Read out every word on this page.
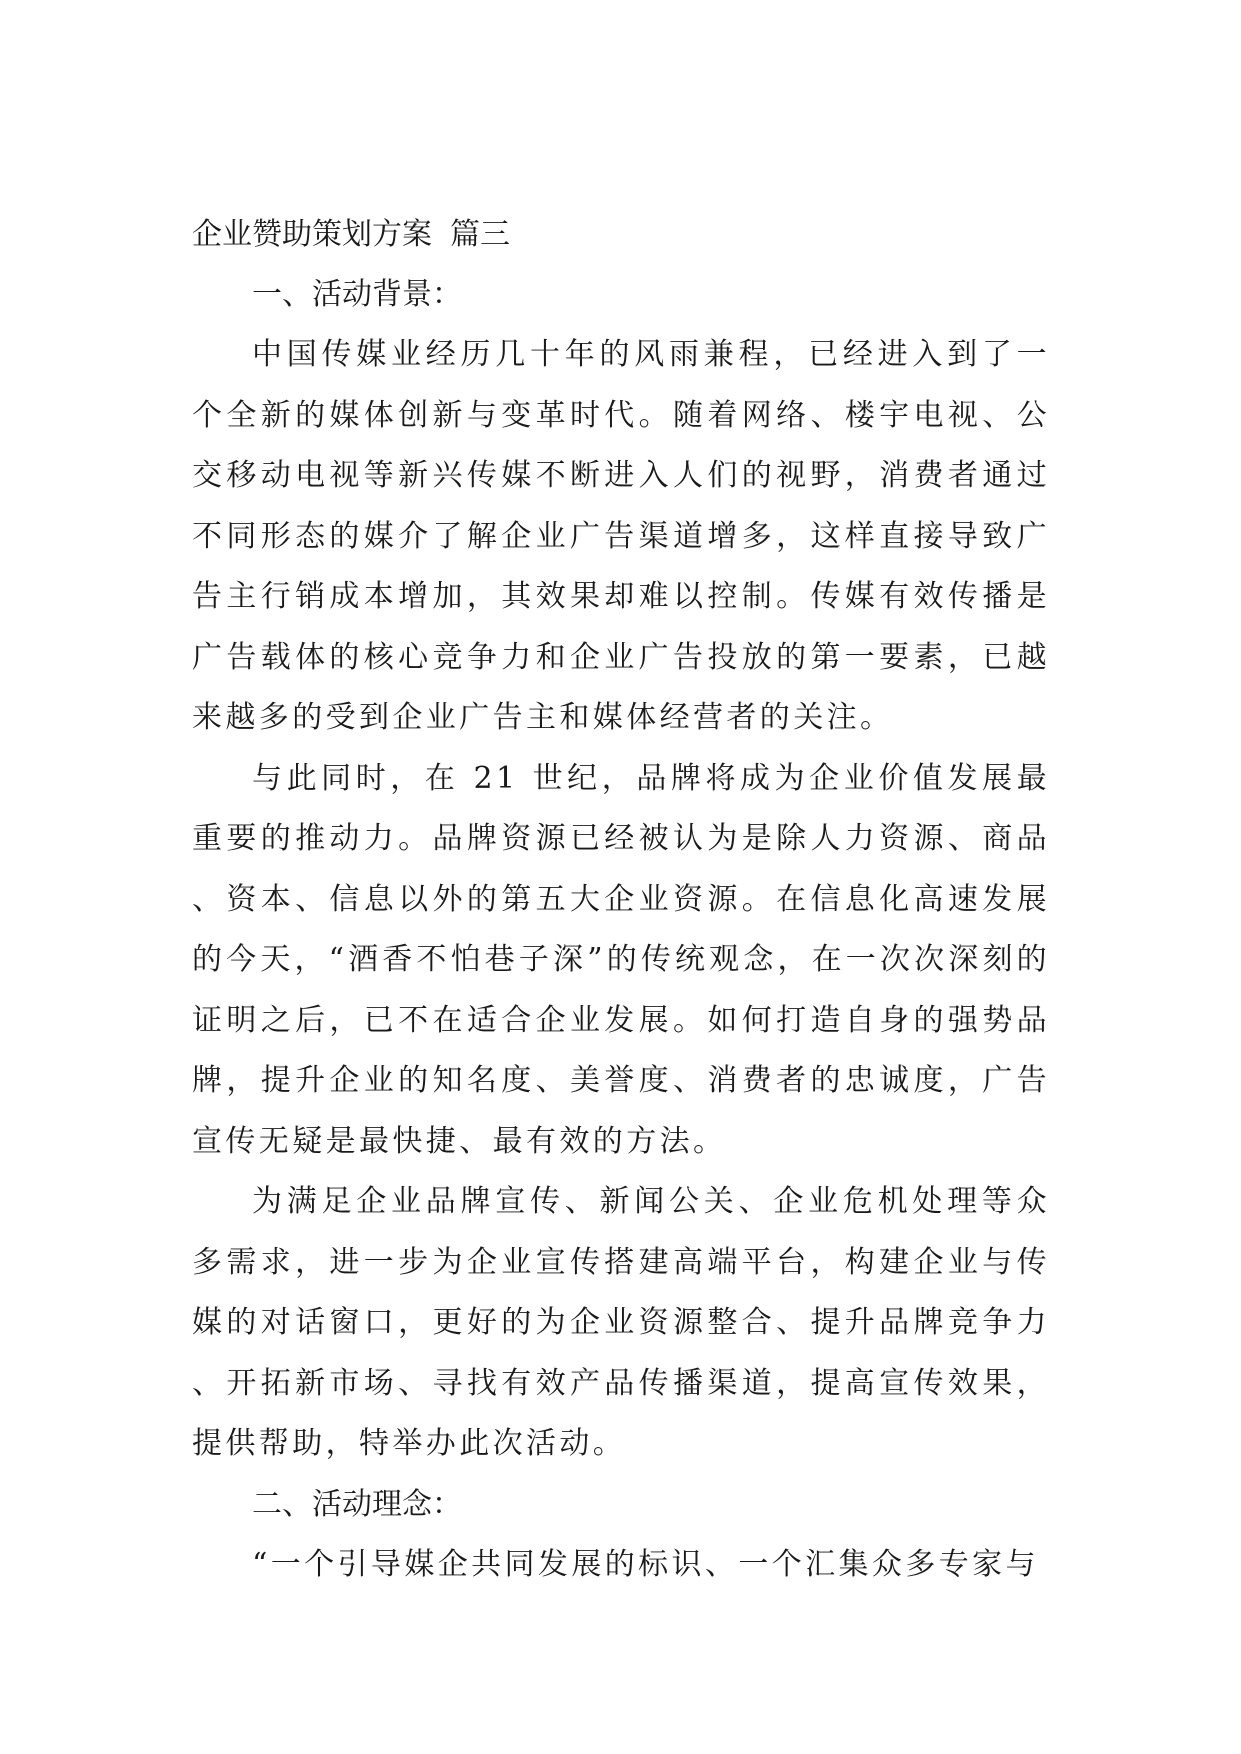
企业赞助策划方案 篇三

一、活动背景：

中国传媒业经历几十年的风雨兼程，已经进入到了一个全新的媒体创新与变革时代。随着网络、楼宇电视、公交移动电视等新兴传媒不断进入人们的视野，消费者通过不同形态的媒介了解企业广告渠道增多，这样直接导致广告主行销成本增加，其效果却难以控制。传媒有效传播是广告载体的核心竞争力和企业广告投放的第一要素，已越来越多的受到企业广告主和媒体经营者的关注。

与此同时，在 21 世纪，品牌将成为企业价值发展最重要的推动力。品牌资源已经被认为是除人力资源、商品、资本、信息以外的第五大企业资源。在信息化高速发展的今天，“酒香不怕巷子深”的传统观念，在一次次深刻的证明之后，已不在适合企业发展。如何打造自身的强势品牌，提升企业的知名度、美誉度、消费者的忠诚度，广告宣传无疑是最快捷、最有效的方法。

为满足企业品牌宣传、新闻公关、企业危机处理等众多需求，进一步为企业宣传搭建高端平台，构建企业与传媒的对话窗口，更好的为企业资源整合、提升品牌竞争力、开拓新市场、寻找有效产品传播渠道，提高宣传效果，提供帮助，特举办此次活动。

二、活动理念：

“一个引导媒企共同发展的标识、一个汇集众多专家与
